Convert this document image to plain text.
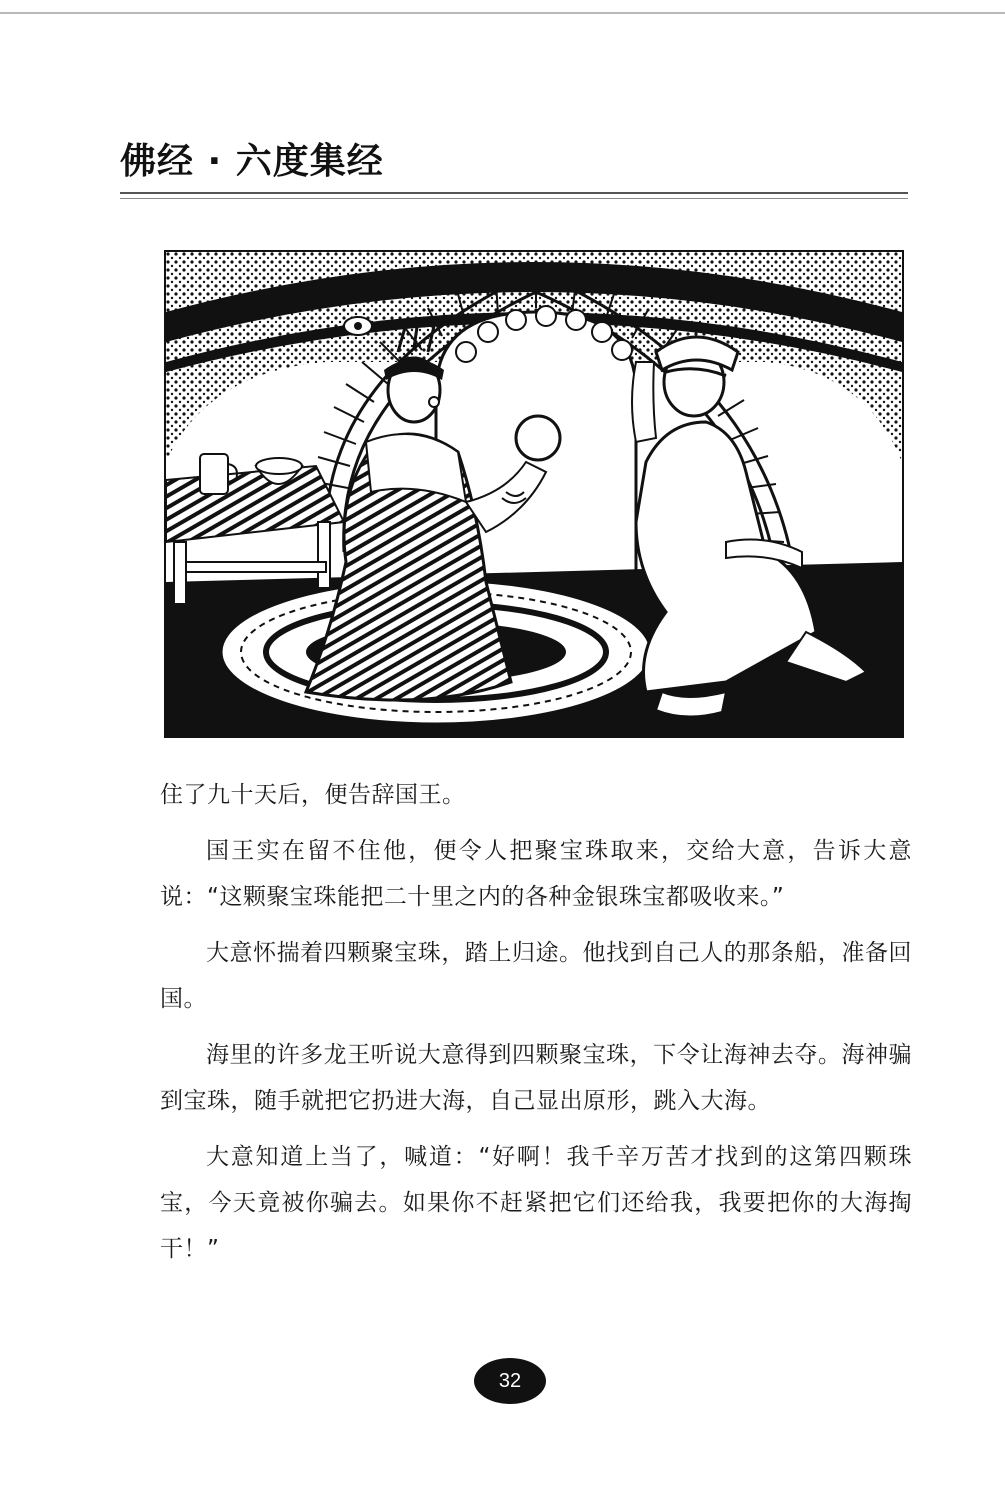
佛经 · 六度集经

住了九十天后，便告辞国王。

国王实在留不住他，便令人把聚宝珠取来，交给大意，告诉大意说：“这颗聚宝珠能把二十里之内的各种金银珠宝都吸收来。”

大意怀揣着四颗聚宝珠，踏上归途。他找到自己人的那条船，准备回国。

海里的许多龙王听说大意得到四颗聚宝珠，下令让海神去夺。海神骗到宝珠，随手就把它扔进大海，自己显出原形，跳入大海。

大意知道上当了，喊道：“好啊！我千辛万苦才找到的这第四颗珠宝，今天竟被你骗去。如果你不赶紧把它们还给我，我要把你的大海掏干！”

32
